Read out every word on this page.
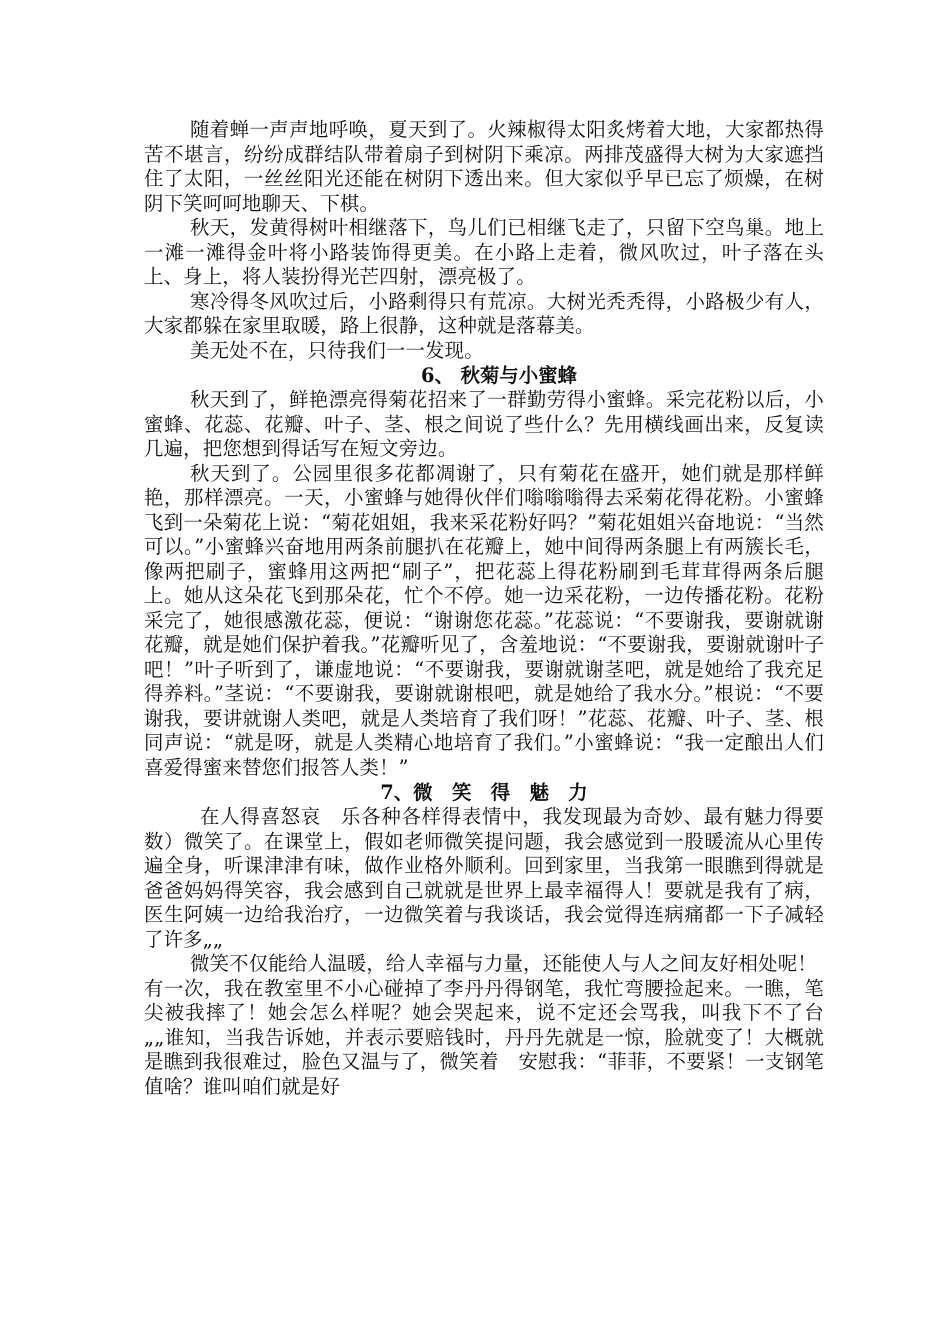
随着蝉一声声地呼唤，夏天到了。火辣椒得太阳炙烤着大地，大家都热得苦不堪言，纷纷成群结队带着扇子到树阴下乘凉。两排茂盛得大树为大家遮挡住了太阳，一丝丝阳光还能在树阴下透出来。但大家似乎早已忘了烦燥，在树阴下笑呵呵地聊天、下棋。

秋天，发黄得树叶相继落下，鸟儿们已相继飞走了，只留下空鸟巢。地上一滩一滩得金叶将小路装饰得更美。在小路上走着，微风吹过，叶子落在头上、身上，将人装扮得光芒四射，漂亮极了。

寒冷得冬风吹过后，小路剩得只有荒凉。大树光秃秃得，小路极少有人，大家都躲在家里取暖，路上很静，这种就是落幕美。

美无处不在，只待我们一一发现。

6、 秋菊与小蜜蜂

秋天到了，鲜艳漂亮得菊花招来了一群勤劳得小蜜蜂。采完花粉以后，小蜜蜂、花蕊、花瓣、叶子、茎、根之间说了些什么？先用横线画出来，反复读几遍，把您想到得话写在短文旁边。

秋天到了。公园里很多花都凋谢了，只有菊花在盛开，她们就是那样鲜艳，那样漂亮。一天，小蜜蜂与她得伙伴们嗡嗡嗡得去采菊花得花粉。小蜜蜂飞到一朵菊花上说：“菊花姐姐，我来采花粉好吗？”菊花姐姐兴奋地说：“当然可以。”小蜜蜂兴奋地用两条前腿扒在花瓣上，她中间得两条腿上有两簇长毛，像两把刷子，蜜蜂用这两把“刷子”，把花蕊上得花粉刷到毛茸茸得两条后腿上。她从这朵花飞到那朵花，忙个不停。她一边采花粉，一边传播花粉。花粉采完了，她很感激花蕊，便说：“谢谢您花蕊。”花蕊说：“不要谢我，要谢就谢花瓣，就是她们保护着我。”花瓣听见了，含羞地说：“不要谢我，要谢就谢叶子吧！”叶子听到了，谦虚地说：“不要谢我，要谢就谢茎吧，就是她给了我充足得养料。”茎说：“不要谢我，要谢就谢根吧，就是她给了我水分。”根说：“不要谢我，要讲就谢人类吧，就是人类培育了我们呀！”花蕊、花瓣、叶子、茎、根同声说：“就是呀，就是人类精心地培育了我们。”小蜜蜂说：“我一定酿出人们喜爱得蜜来替您们报答人类！”

7、微　笑　得　魅　力

在人得喜怒哀　乐各种各样得表情中，我发现最为奇妙、最有魅力得要数）微笑了。在课堂上，假如老师微笑提问题，我会感觉到一股暖流从心里传遍全身，听课津津有味，做作业格外顺利。回到家里，当我第一眼瞧到得就是爸爸妈妈得笑容，我会感到自己就就是世界上最幸福得人！要就是我有了病，医生阿姨一边给我治疗，一边微笑着与我谈话，我会觉得连病痛都一下子减轻了许多„„

微笑不仅能给人温暖，给人幸福与力量，还能使人与人之间友好相处呢！

有一次，我在教室里不小心碰掉了李丹丹得钢笔，我忙弯腰捡起来。一瞧，笔尖被我摔了！她会怎么样呢？她会哭起来，说不定还会骂我，叫我下不了台„„谁知，当我告诉她，并表示要赔钱时，丹丹先就是一惊，脸就变了！大概就是瞧到我很难过，脸色又温与了，微笑着　安慰我：“菲菲，不要紧！一支钢笔值啥？谁叫咱们就是好
